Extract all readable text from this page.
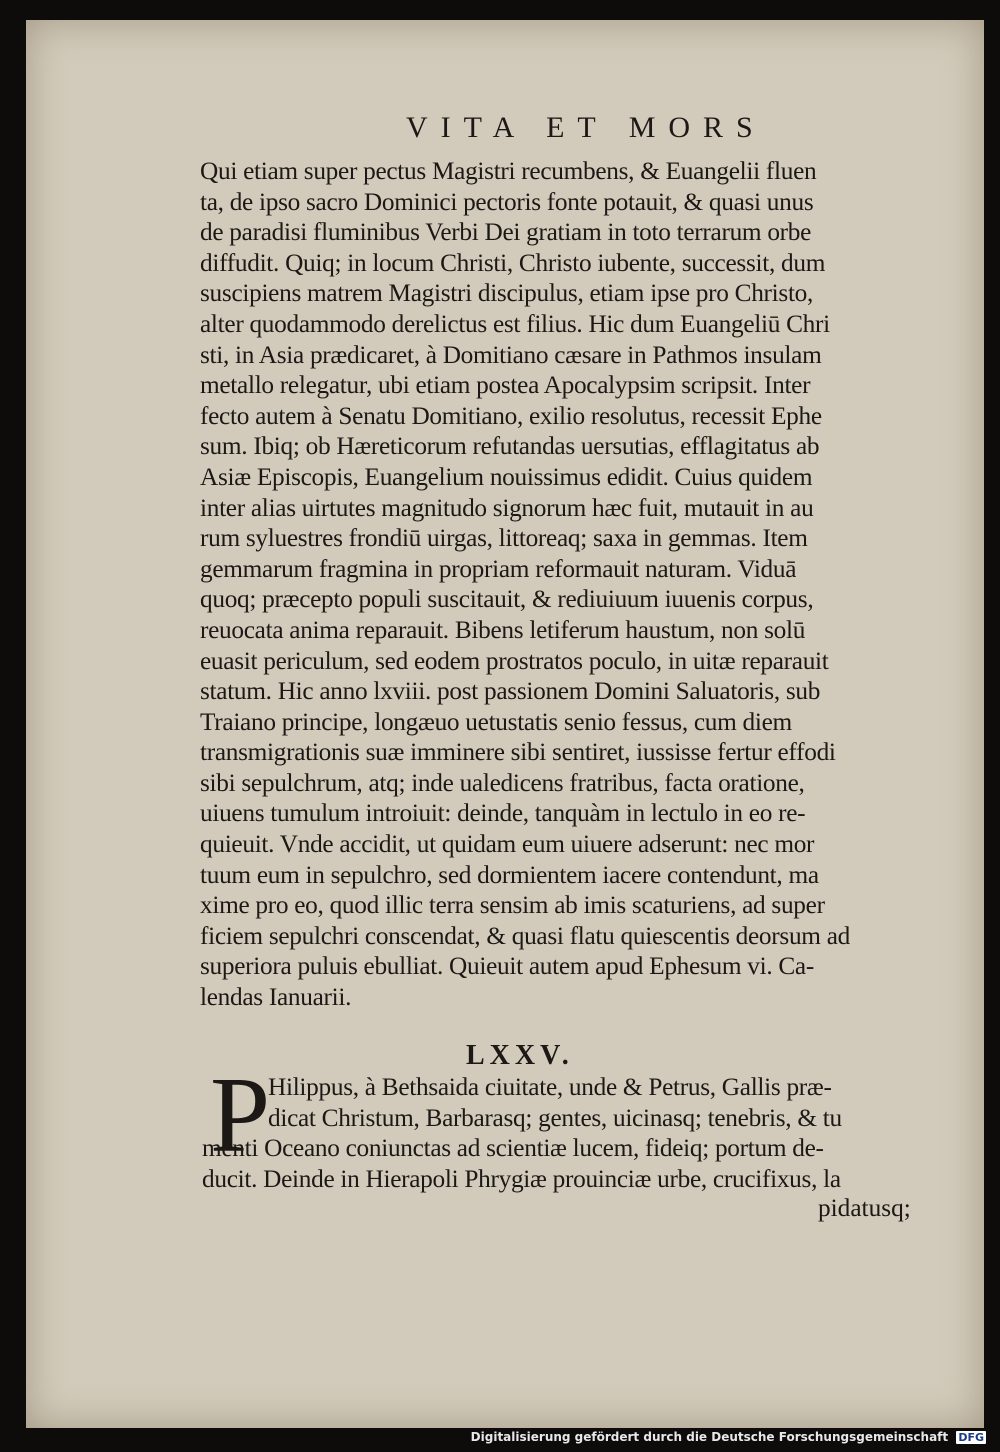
VITA ET MORS
Qui etiam super pectus Magistri recumbens, & Euangelii fluen
ta, de ipso sacro Dominici pectoris fonte potauit, & quasi unus
de paradisi fluminibus Verbi Dei gratiam in toto terrarum orbe
diffudit. Quiq; in locum Christi, Christo iubente, successit, dum
suscipiens matrem Magistri discipulus, etiam ipse pro Christo,
alter quodammodo derelictus est filius. Hic dum Euangeliū Chri
sti, in Asia prædicaret, à Domitiano cæsare in Pathmos insulam
metallo relegatur, ubi etiam postea Apocalypsim scripsit. Inter
fecto autem à Senatu Domitiano, exilio resolutus, recessit Ephe
sum. Ibiq; ob Hæreticorum refutandas uersutias, efflagitatus ab
Asiæ Episcopis, Euangelium nouissimus edidit. Cuius quidem
inter alias uirtutes magnitudo signorum hæc fuit, mutauit in au
rum syluestres frondiū uirgas, littoreaq; saxa in gemmas. Item
gemmarum fragmina in propriam reformauit naturam. Viduā
quoq; præcepto populi suscitauit, & rediuiuum iuuenis corpus,
reuocata anima reparauit. Bibens letiferum haustum, non solū
euasit periculum, sed eodem prostratos poculo, in uitæ reparauit
statum. Hic anno lxviii. post passionem Domini Saluatoris, sub
Traiano principe, longæuo uetustatis senio fessus, cum diem
transmigrationis suæ imminere sibi sentiret, iussisse fertur effodi
sibi sepulchrum, atq; inde ualedicens fratribus, facta oratione,
uiuens tumulum introiuit: deinde, tanquàm in lectulo in eo re-
quieuit. Vnde accidit, ut quidam eum uiuere adserunt: nec mor
tuum eum in sepulchro, sed dormientem iacere contendunt, ma
xime pro eo, quod illic terra sensim ab imis scaturiens, ad super
ficiem sepulchri conscendat, & quasi flatu quiescentis deorsum ad
superiora puluis ebulliat. Quieuit autem apud Ephesum vi. Ca-
lendas Ianuarii.
LXXV.
P
Hilippus, à Bethsaida ciuitate, unde & Petrus, Gallis præ-
dicat Christum, Barbarasq; gentes, uicinasq; tenebris, & tu
menti Oceano coniunctas ad scientiæ lucem, fideiq; portum de-
ducit. Deinde in Hierapoli Phrygiæ prouinciæ urbe, crucifixus, la
pidatusq;
Digitalisierung gefördert durch die Deutsche Forschungsgemeinschaft DFG
